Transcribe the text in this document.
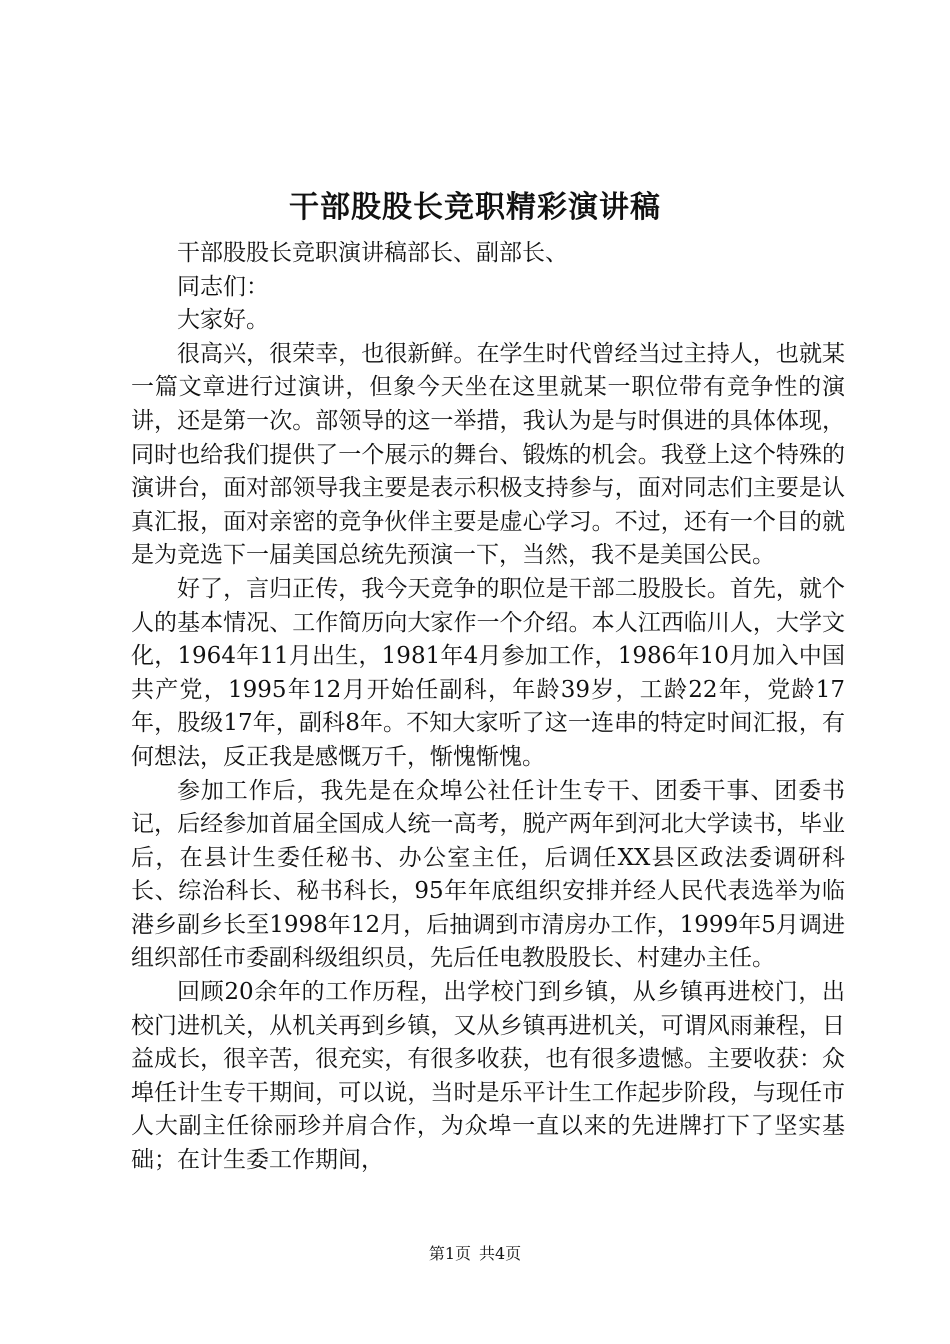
干部股股长竞职精彩演讲稿

干部股股长竞职演讲稿部长、副部长、

同志们：

大家好。

很高兴，很荣幸，也很新鲜。在学生时代曾经当过主持人，也就某一篇文章进行过演讲，但象今天坐在这里就某一职位带有竞争性的演讲，还是第一次。部领导的这一举措，我认为是与时俱进的具体体现，同时也给我们提供了一个展示的舞台、锻炼的机会。我登上这个特殊的演讲台，面对部领导我主要是表示积极支持参与，面对同志们主要是认真汇报，面对亲密的竞争伙伴主要是虚心学习。不过，还有一个目的就是为竞选下一届美国总统先预演一下，当然，我不是美国公民。

好了，言归正传，我今天竞争的职位是干部二股股长。首先，就个人的基本情况、工作简历向大家作一个介绍。本人江西临川人，大学文化，1964年11月出生，1981年4月参加工作，1986年10月加入中国共产党，1995年12月开始任副科，年龄39岁，工龄22年，党龄17年，股级17年，副科8年。不知大家听了这一连串的特定时间汇报，有何想法，反正我是感慨万千，惭愧惭愧。

参加工作后，我先是在众埠公社任计生专干、团委干事、团委书记，后经参加首届全国成人统一高考，脱产两年到河北大学读书，毕业后，在县计生委任秘书、办公室主任，后调任XX县区政法委调研科长、综治科长、秘书科长，95年年底组织安排并经人民代表选举为临港乡副乡长至1998年12月，后抽调到市清房办工作，1999年5月调进组织部任市委副科级组织员，先后任电教股股长、村建办主任。

回顾20余年的工作历程，出学校门到乡镇，从乡镇再进校门，出校门进机关，从机关再到乡镇，又从乡镇再进机关，可谓风雨兼程，日益成长，很辛苦，很充实，有很多收获，也有很多遗憾。主要收获：众埠任计生专干期间，可以说，当时是乐平计生工作起步阶段，与现任市人大副主任徐丽珍并肩合作，为众埠一直以来的先进牌打下了坚实基础；在计生委工作期间，

第1页 共4页
